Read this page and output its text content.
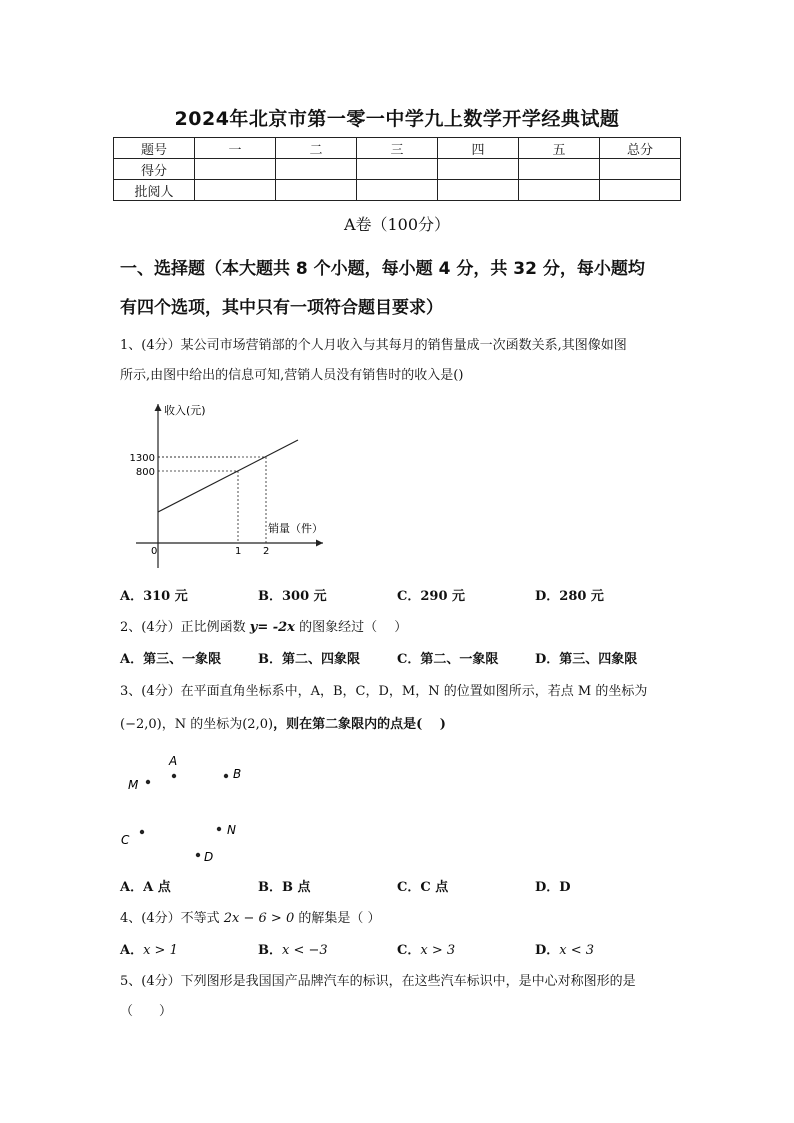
2024年北京市第一零一中学九上数学开学经典试题
题号	一	二	三	四	五	总分
得分						
批阅人						
A卷（100分）
一、选择题（本大题共 8 个小题，每小题 4 分，共 32 分，每小题均
有四个选项，其中只有一项符合题目要求）
1、(4分）某公司市场营销部的个人月收入与其每月的销售量成一次函数关系,其图像如图
所示,由图中给出的信息可知,营销人员没有销售时的收入是()
收入(元)
销量（件）
1300
800
0	1 2
A．310 元	B．300 元	C．290 元	D．280 元
2、(4分）正比例函数 y= -2x 的图象经过（　 ）
A．第三、一象限	B．第二、四象限	C．第二、一象限	D．第三、四象限
3、(4分）在平面直角坐标系中，A，B，C，D，M，N 的位置如图所示，若点 M 的坐标为
(−2,0)，N 的坐标为(2,0)，则在第二象限内的点是(　 )
A
B
M
N
C
D
A．A 点	B．B 点	C．C 点	D．D
4、(4分）不等式 2x − 6 > 0 的解集是（ ）
A．x > 1	B．x < −3	C．x > 3	D．x < 3
5、(4分）下列图形是我国国产品牌汽车的标识，在这些汽车标识中，是中心对称图形的是
（　　）
